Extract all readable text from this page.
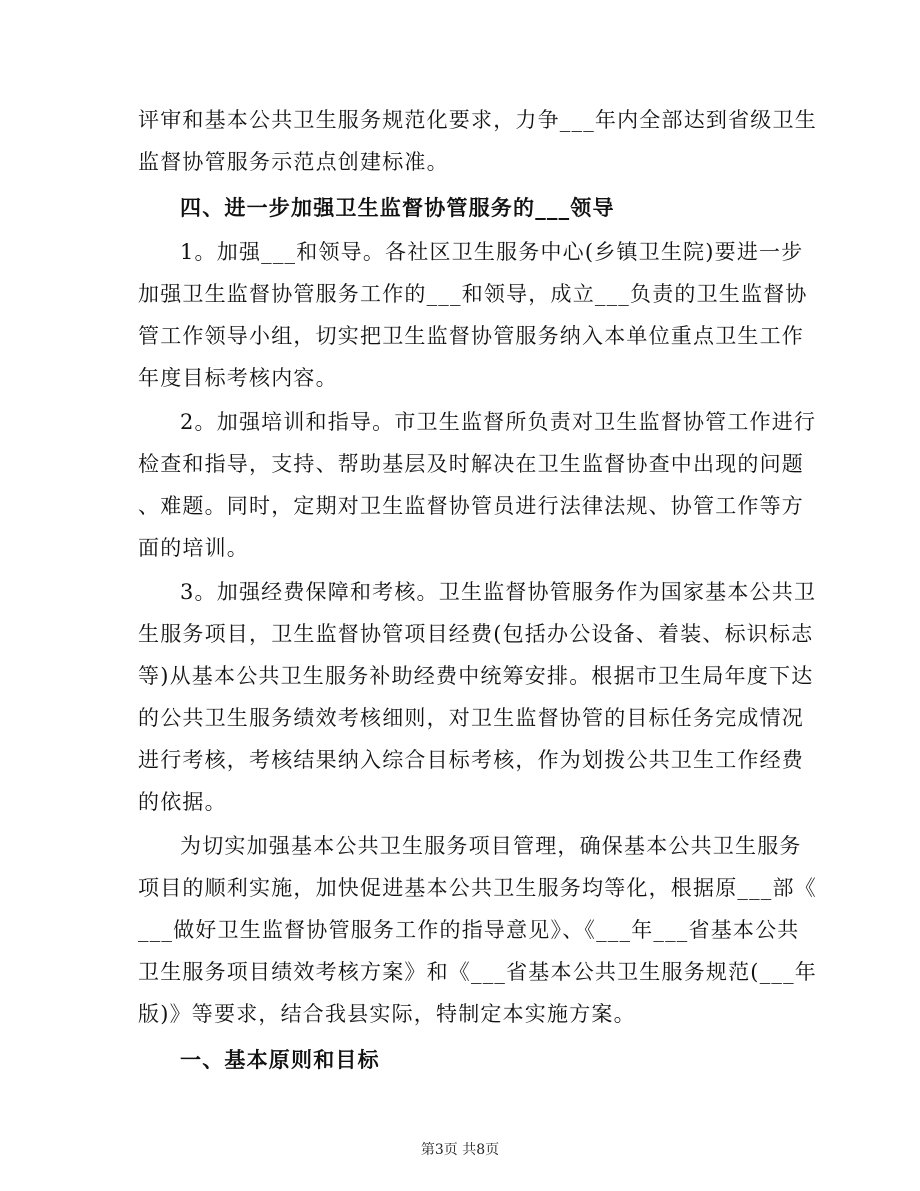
评审和基本公共卫生服务规范化要求，力争___年内全部达到省级卫生
监督协管服务示范点创建标准。
四、进一步加强卫生监督协管服务的___领导
1。加强___和领导。各社区卫生服务中心(乡镇卫生院)要进一步
加强卫生监督协管服务工作的___和领导，成立___负责的卫生监督协
管工作领导小组，切实把卫生监督协管服务纳入本单位重点卫生工作
年度目标考核内容。
2。加强培训和指导。市卫生监督所负责对卫生监督协管工作进行
检查和指导，支持、帮助基层及时解决在卫生监督协查中出现的问题
、难题。同时，定期对卫生监督协管员进行法律法规、协管工作等方
面的培训。
3。加强经费保障和考核。卫生监督协管服务作为国家基本公共卫
生服务项目，卫生监督协管项目经费(包括办公设备、着装、标识标志
等)从基本公共卫生服务补助经费中统筹安排。根据市卫生局年度下达
的公共卫生服务绩效考核细则，对卫生监督协管的目标任务完成情况
进行考核，考核结果纳入综合目标考核，作为划拨公共卫生工作经费
的依据。
为切实加强基本公共卫生服务项目管理，确保基本公共卫生服务
项目的顺利实施，加快促进基本公共卫生服务均等化，根据原___部《
___做好卫生监督协管服务工作的指导意见》、《___年___省基本公共
卫生服务项目绩效考核方案》和《___省基本公共卫生服务规范(___年
版)》等要求，结合我县实际，特制定本实施方案。
一、基本原则和目标
第3页 共8页
